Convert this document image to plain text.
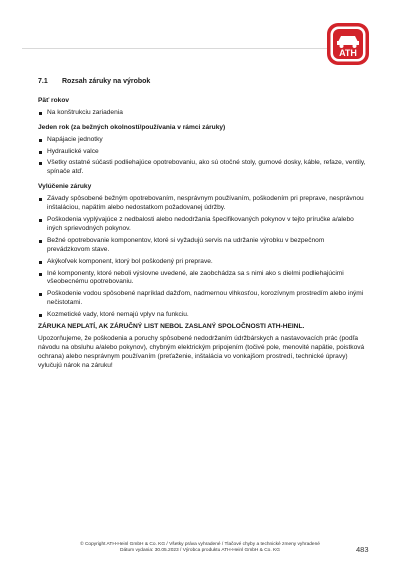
ATH
7.1	Rozsah záruky na výrobok
Päť rokov
Na konštrukciu zariadenia
Jeden rok (za bežných okolností/používania v rámci záruky)
Napájacie jednotky
Hydraulické valce
Všetky ostatné súčasti podliehajúce opotrebovaniu, ako sú otočné stoly, gumové dosky, káble, refaze, ventily, spínače atď.
Vylúčenie záruky
Závady spôsobené bežným opotrebovaním, nesprávnym používaním, poškodením pri preprave, nesprávnou inštaláciou, napätím alebo nedostatkom požadovanej údržby.
Poškodenia vyplývajúce z nedbalosti alebo nedodržania špecifikovaných pokynov v tejto príručke a/alebo iných sprievodných pokynov.
Bežné opotrebovanie komponentov, ktoré si vyžadujú servis na udržanie výrobku v bezpečnom prevádzkovom stave.
Akýkoľvek komponent, ktorý bol poškodený pri preprave.
Iné komponenty, ktoré neboli výslovne uvedené, ale zaobchádza sa s nimi ako s dielmi podliehajúcimi všeobecnému opotrebovaniu.
Poškodenie vodou spôsobené napríklad dažďom, nadmernou vlhkosťou, korozívnym prostredím alebo inými nečistotami.
Kozmetické vady, ktoré nemajú vplyv na funkciu.
ZÁRUKA NEPLATÍ, AK ZÁRUČNÝ LIST NEBOL ZASLANÝ SPOLOČNOSTI ATH-HEINL.

Upozorňujeme, že poškodenia a poruchy spôsobené nedodržaním údržbárskych a nastavovacích prác (podľa návodu na obsluhu a/alebo pokynov), chybným elektrickým pripojením (točivé pole, menovité napätie, poistková ochrana) alebo nesprávnym používaním (preťaženie, inštalácia vo vonkajšom prostredí, technické úpravy) vylučujú nárok na záruku!

© Copyright ATH-Heinl GmbH & Co. KG / Všetky práva vyhradené / Tlačové chyby a technické zmeny vyhradené
Dátum vydania: 30.05.2023 / Výrobca produktu ATH-Heinl GmbH & Co. KG	483
